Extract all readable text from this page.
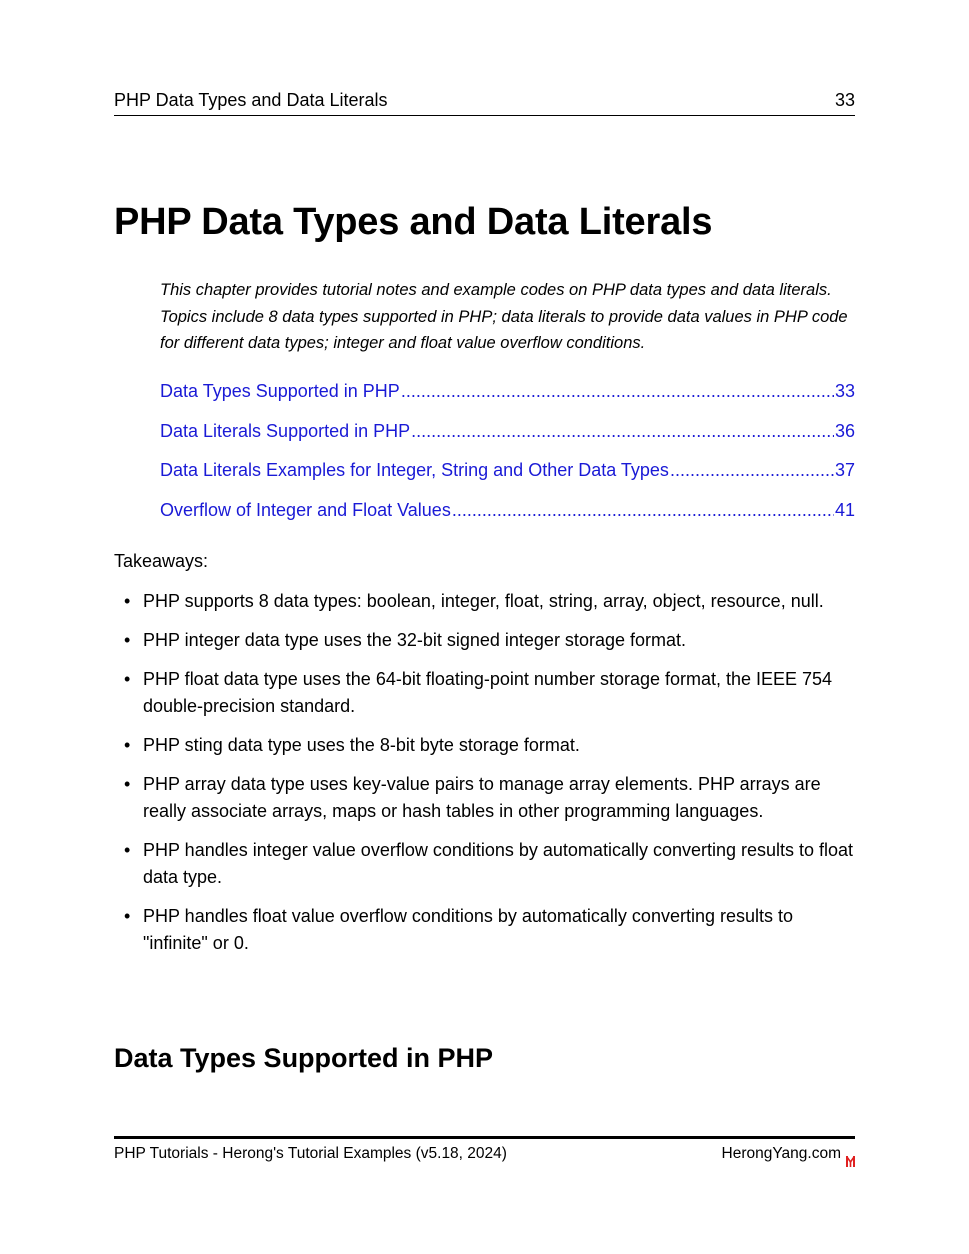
PHP Data Types and Data Literals	33
PHP Data Types and Data Literals

This chapter provides tutorial notes and example codes on PHP data types and data literals. Topics include 8 data types supported in PHP; data literals to provide data values in PHP code for different data types; integer and float value overflow conditions.

Data Types Supported in PHP .....	33
Data Literals Supported in PHP .....	36
Data Literals Examples for Integer, String and Other Data Types .....	37
Overflow of Integer and Float Values .....	41
Takeaways:
• PHP supports 8 data types: boolean, integer, float, string, array, object, resource, null.
• PHP integer data type uses the 32-bit signed integer storage format.
• PHP float data type uses the 64-bit floating-point number storage format, the IEEE 754 double-precision standard.
• PHP sting data type uses the 8-bit byte storage format.
• PHP array data type uses key-value pairs to manage array elements. PHP arrays are really associate arrays, maps or hash tables in other programming languages.
• PHP handles integer value overflow conditions by automatically converting results to float data type.
• PHP handles float value overflow conditions by automatically converting results to "infinite" or 0.
Data Types Supported in PHP
PHP Tutorials - Herong's Tutorial Examples (v5.18, 2024)	HerongYang.com
